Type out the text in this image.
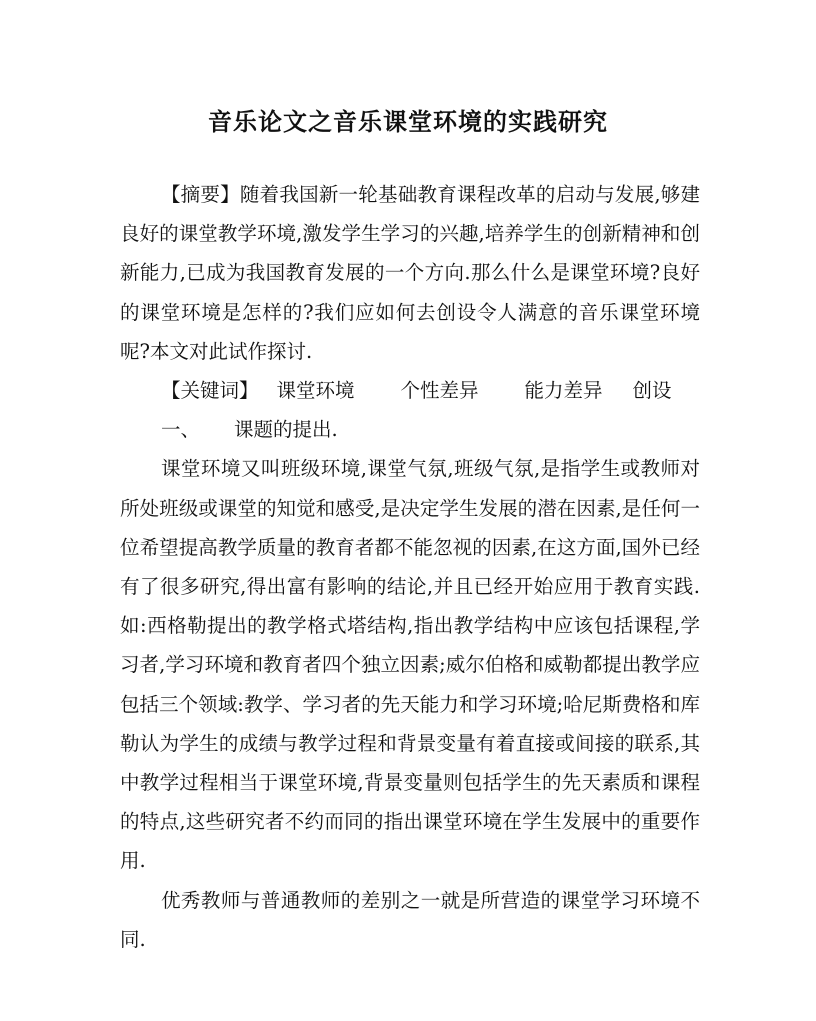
音乐论文之音乐课堂环境的实践研究

【摘要】随着我国新一轮基础教育课程改革的启动与发展,够建良好的课堂教学环境,激发学生学习的兴趣,培养学生的创新精神和创新能力,已成为我国教育发展的一个方向.那么什么是课堂环境?良好的课堂环境是怎样的?我们应如何去创设令人满意的音乐课堂环境呢?本文对此试作探讨.

【关键词】 课堂环境 个性差异 能力差异 创设

一、 课题的提出.

课堂环境又叫班级环境,课堂气氛,班级气氛,是指学生或教师对所处班级或课堂的知觉和感受,是决定学生发展的潜在因素,是任何一位希望提高教学质量的教育者都不能忽视的因素,在这方面,国外已经有了很多研究,得出富有影响的结论,并且已经开始应用于教育实践.如:西格勒提出的教学格式塔结构,指出教学结构中应该包括课程,学习者,学习环境和教育者四个独立因素;威尔伯格和威勒都提出教学应包括三个领域:教学、学习者的先天能力和学习环境;哈尼斯费格和库勒认为学生的成绩与教学过程和背景变量有着直接或间接的联系,其中教学过程相当于课堂环境,背景变量则包括学生的先天素质和课程的特点,这些研究者不约而同的指出课堂环境在学生发展中的重要作用.

优秀教师与普通教师的差别之一就是所营造的课堂学习环境不同.
